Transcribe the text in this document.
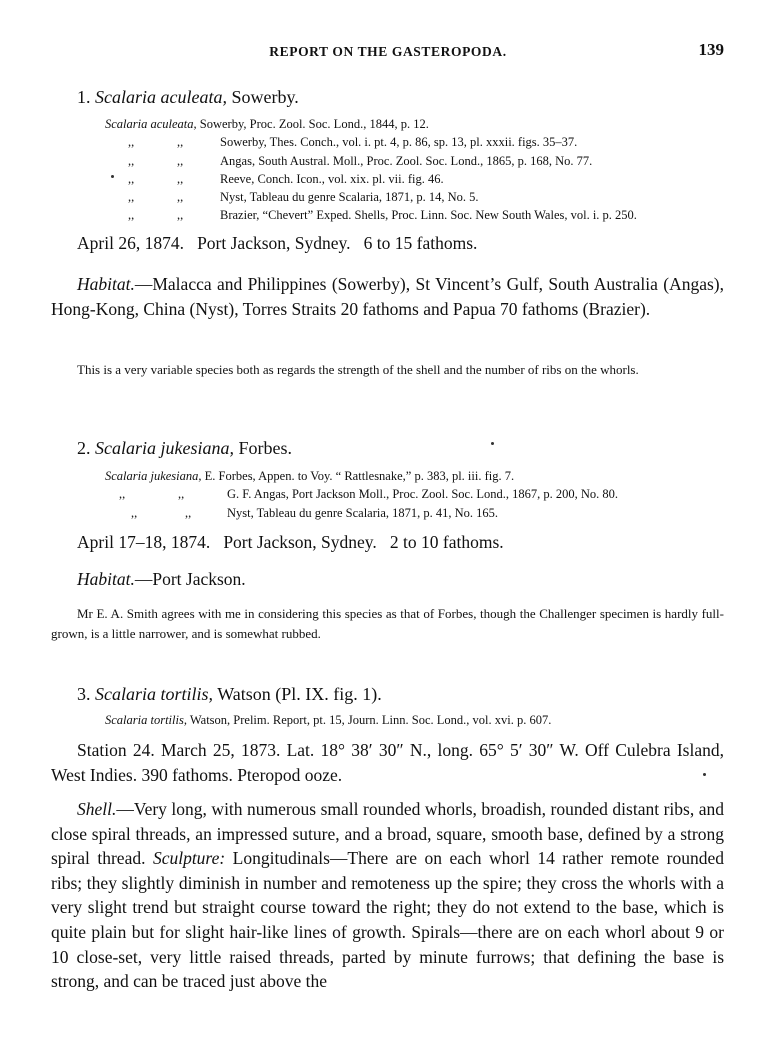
REPORT ON THE GASTEROPODA.	139
1. Scalaria aculeata, Sowerby.
Scalaria aculeata, Sowerby, Proc. Zool. Soc. Lond., 1844, p. 12.
,,	,,	Sowerby, Thes. Conch., vol. i. pt. 4, p. 86, sp. 13, pl. xxxii. figs. 35–37.
,,	,,	Angas, South Austral. Moll., Proc. Zool. Soc. Lond., 1865, p. 168, No. 77.
,,	,,	Reeve, Conch. Icon., vol. xix. pl. vii. fig. 46.
,,	,,	Nyst, Tableau du genre Scalaria, 1871, p. 14, No. 5.
,,	,,	Brazier, “Chevert” Exped. Shells, Proc. Linn. Soc. New South Wales, vol. i. p. 250.
April 26, 1874. Port Jackson, Sydney. 6 to 15 fathoms.
Habitat.—Malacca and Philippines (Sowerby), St Vincent’s Gulf, South Australia (Angas), Hong-Kong, China (Nyst), Torres Straits 20 fathoms and Papua 70 fathoms (Brazier).
This is a very variable species both as regards the strength of the shell and the number of ribs on the whorls.
2. Scalaria jukesiana, Forbes.
Scalaria jukesiana, E. Forbes, Appen. to Voy. “ Rattlesnake,” p. 383, pl. iii. fig. 7.
,,	,,	G. F. Angas, Port Jackson Moll., Proc. Zool. Soc. Lond., 1867, p. 200, No. 80.
,,	,,	Nyst, Tableau du genre Scalaria, 1871, p. 41, No. 165.
April 17–18, 1874. Port Jackson, Sydney. 2 to 10 fathoms.
Habitat.—Port Jackson.
Mr E. A. Smith agrees with me in considering this species as that of Forbes, though the Challenger specimen is hardly full-grown, is a little narrower, and is somewhat rubbed.
3. Scalaria tortilis, Watson (Pl. IX. fig. 1).
Scalaria tortilis, Watson, Prelim. Report, pt. 15, Journ. Linn. Soc. Lond., vol. xvi. p. 607.
Station 24. March 25, 1873. Lat. 18° 38′ 30″ N., long. 65° 5′ 30″ W. Off Culebra Island, West Indies. 390 fathoms. Pteropod ooze.
Shell.—Very long, with numerous small rounded whorls, broadish, rounded distant ribs, and close spiral threads, an impressed suture, and a broad, square, smooth base, defined by a strong spiral thread. Sculpture: Longitudinals—There are on each whorl 14 rather remote rounded ribs; they slightly diminish in number and remoteness up the spire; they cross the whorls with a very slight trend but straight course toward the right; they do not extend to the base, which is quite plain but for slight hair-like lines of growth. Spirals—there are on each whorl about 9 or 10 close-set, very little raised threads, parted by minute furrows; that defining the base is strong, and can be traced just above the
